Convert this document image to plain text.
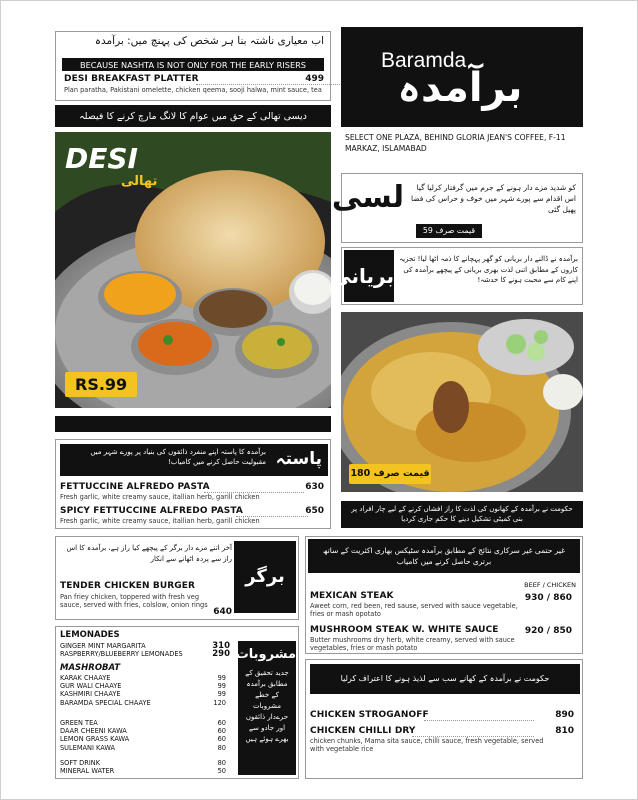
اب معیاری ناشتہ بنا ہر شخص کی پہنچ میں: برآمدہ
BECAUSE NASHTA IS NOT ONLY FOR THE EARLY RISERS
DESI BREAKFAST PLATTER	499
Plan paratha, Pakistani omelette, chicken qeema, sooji halwa, mint sauce, tea
دیسی تھالی کے حق میں عوام کا لانگ مارچ کرنے کا فیصلہ
DESI
تھالی
RS.99
Baramda
برآمدہ
SELECT ONE PLAZA, BEHIND GLORIA JEAN'S COFFEE, F-11 MARKAZ, ISLAMABAD
لسی	کو شدید مزے دار ہونے کے جرم میں گرفتار کرلیا گیا اس اقدام سے پورے شہر میں خوف و حراس کی فضا پھیل گئی
قیمت صرف 59
بریانی
برآمدہ نے ڈالنے دار بریانی کو گھر پہچانے کا ذمہ اٹھا لیا! تجزیہ کاروں کے مطابق اتنی لذت بھری بریانی کے پیچھے برآمدہ کی اپنے کام سے محبت ہونے کا خدشہ!
قیمت صرف 180
پاستہ
برآمدہ کا پاستہ اپنے منفرد ذائقوں کی بنیاد پر پورے شہر میں مقبولیت حاصل کرنے میں کامیاب!
FETTUCCINE ALFREDO PASTA	630
Fresh garlic, white creamy sauce, itallian herb, garill chicken
SPICY FETTUCCINE ALFREDO PASTA	650
Fresh garlic, white creamy sauce, itallian herb, garill chicken
حکومت نے برآمدہ کے کھانوں کی لذت کا راز افشاں کرنے کے لیے چار افراد پر بنی کمیٹی تشکیل دینے کا حکم جاری کردیا
آخر اتنے مزے دار برگر کے پیچھے کیا راز ہے، برآمدہ کا اس راز سے پردہ اٹھانے سے انکار
برگر
TENDER CHICKEN BURGER
Pan friey chicken, toppered with fresh veg sauce, served with fries, colslow, onion rings
640
غیر حتمی غیر سرکاری نتائج کے مطابق برآمدہ سٹیکس بھاری اکثریت کے ساتھ برتری حاصل کرنے میں کامیاب
BEEF / CHICKEN
MEXICAN STEAK	930 / 860
Aweet corn, red been, red sause, served with sauce vegetable, fries or mash opotato
MUSHROOM STEAK W. WHITE SAUCE	920 / 850
Butter mushrooms dry herb, white creamy, served with sauce vegetables, fries or mash potato
LEMONADES
GINGER MINT MARGARITA	310
RASPBERRY/BLUEBERRY LEMONADES	290
MASHROBAT
KARAK CHAAYE	99
GUR WALI CHAAYE	99
KASHMIRI CHAAYE	99
BARAMDA SPECIAL CHAAYE	120
GREEN TEA	60
DAAR CHEENI KAWA	60
LEMON GRASS KAWA	60
SULEMANI KAWA	80
SOFT DRINK	80
MINERAL WATER	50
مشروبات
جدید تحقیق کے مطابق برآمدہ کے خطے مشروبات حرےدار ذائقوں اور جادو سے بھرے ہوئے ہیں
حکومت نے برآمدہ کے کھانے سب سے لذیذ ہونے کا اعتراف کرلیا
CHICKEN STROGANOFF	890
CHICKEN CHILLI DRY	810
chicken chunks, Mama sita sauce, chilli sauce, fresh vegetable, served with vegetable rice
